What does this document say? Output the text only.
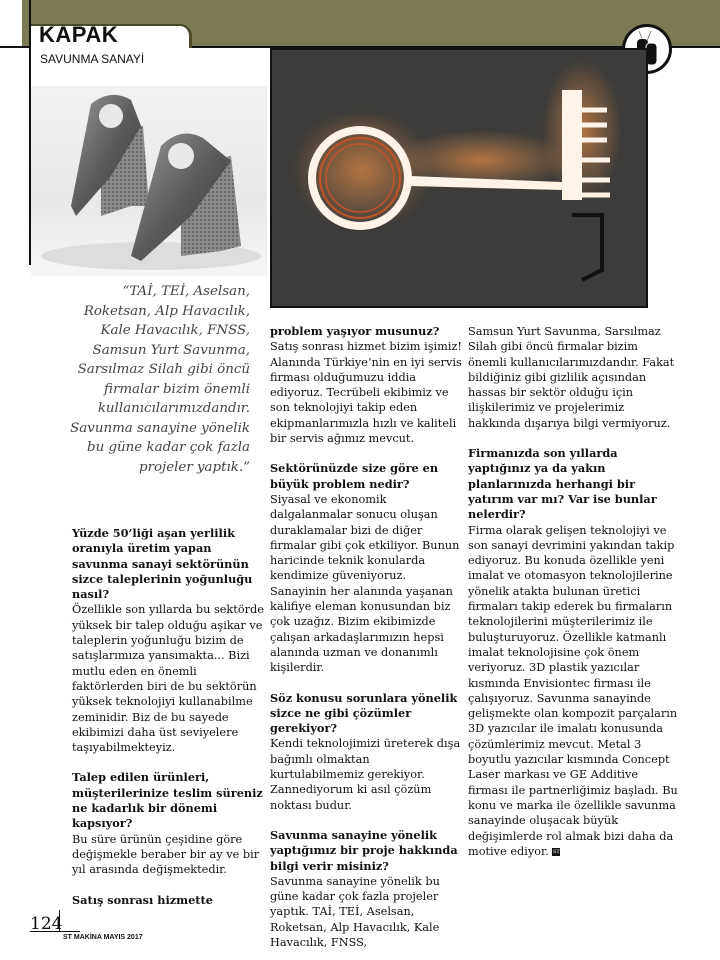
KAPAK
SAVUNMA SANAYİ
“TAİ, TEİ, Aselsan, Roketsan, Alp Havacılık, Kale Havacılık, FNSS, Samsun Yurt Savunma, Sarsılmaz Silah gibi öncü firmalar bizim önemli kullanıcılarımızdandır. Savunma sanayine yönelik bu güne kadar çok fazla projeler yaptık.”
Yüzde 50’liği aşan yerlilik oranıyla üretim yapan savunma sanayi sektörünün sizce taleplerinin yoğunluğu nasıl?
Özellikle son yıllarda bu sektörde yüksek bir talep olduğu aşikar ve taleplerin yoğunluğu bizim de satışlarımıza yansımakta... Bizi mutlu eden en önemli faktörlerden biri de bu sektörün yüksek teknolojiyi kullanabilme zeminidir. Biz de bu sayede ekibimizi daha üst seviyelere taşıyabilmekteyiz.
Talep edilen ürünleri, müşterilerinize teslim süreniz ne kadarlık bir dönemi kapsıyor?
Bu süre ürünün çeşidine göre değişmekle beraber bir ay ve bir yıl arasında değişmektedir.
Satış sonrası hizmette
problem yaşıyor musunuz?
Satış sonrası hizmet bizim işimiz! Alanında Türkiye’nin en iyi servis firması olduğumuzu iddia ediyoruz. Tecrübeli ekibimiz ve son teknolojiyi takip eden ekipmanlarımızla hızlı ve kaliteli bir servis ağımız mevcut.
Sektörünüzde size göre en büyük problem nedir?
Siyasal ve ekonomik dalgalanmalar sonucu oluşan duraklamalar bizi de diğer firmalar gibi çok etkiliyor. Bunun haricinde teknik konularda kendimize güveniyoruz. Sanayinin her alanında yaşanan kalifiye eleman konusundan biz çok uzağız. Bizim ekibimizde çalışan arkadaşlarımızın hepsi alanında uzman ve donanımlı kişilerdir.
Söz konusu sorunlara yönelik sizce ne gibi çözümler gerekiyor?
Kendi teknolojimizi üreterek dışa bağımlı olmaktan kurtulabilmemiz gerekiyor. Zannediyorum ki asıl çözüm noktası budur.
Savunma sanayine yönelik yaptığımız bir proje hakkında bilgi verir misiniz?
Savunma sanayine yönelik bu güne kadar çok fazla projeler yaptık. TAİ, TEİ, Aselsan, Roketsan, Alp Havacılık, Kale Havacılık, FNSS,
Samsun Yurt Savunma, Sarsılmaz Silah gibi öncü firmalar bizim önemli kullanıcılarımızdandır. Fakat bildiğiniz gibi gizlilik açısından hassas bir sektör olduğu için ilişkilerimiz ve projelerimiz hakkında dışarıya bilgi vermiyoruz.
Firmanızda son yıllarda yaptığınız ya da yakın planlarınızda herhangi bir yatırım var mı? Var ise bunlar nelerdir?
Firma olarak gelişen teknolojiyi ve son sanayi devrimini yakından takip ediyoruz. Bu konuda özellikle yeni imalat ve otomasyon teknolojilerine yönelik atakta bulunan üretici firmaları takip ederek bu firmaların teknolojilerini müşterilerimiz ile buluşturuyoruz. Özellikle katmanlı imalat teknolojisine çok önem veriyoruz. 3D plastik yazıcılar kısmında Envisiontec firması ile çalışıyoruz. Savunma sanayinde gelişmekte olan kompozit parçaların 3D yazıcılar ile imalatı konusunda çözümlerimiz mevcut. Metal 3 boyutlu yazıcılar kısmında Concept Laser markası ve GE Additive firması ile partnerliğimiz başladı. Bu konu ve marka ile özellikle savunma sanayinde oluşacak büyük değişimlerde rol almak bizi daha da motive ediyor. ST
124
ST MAKİNA MAYIS 2017
